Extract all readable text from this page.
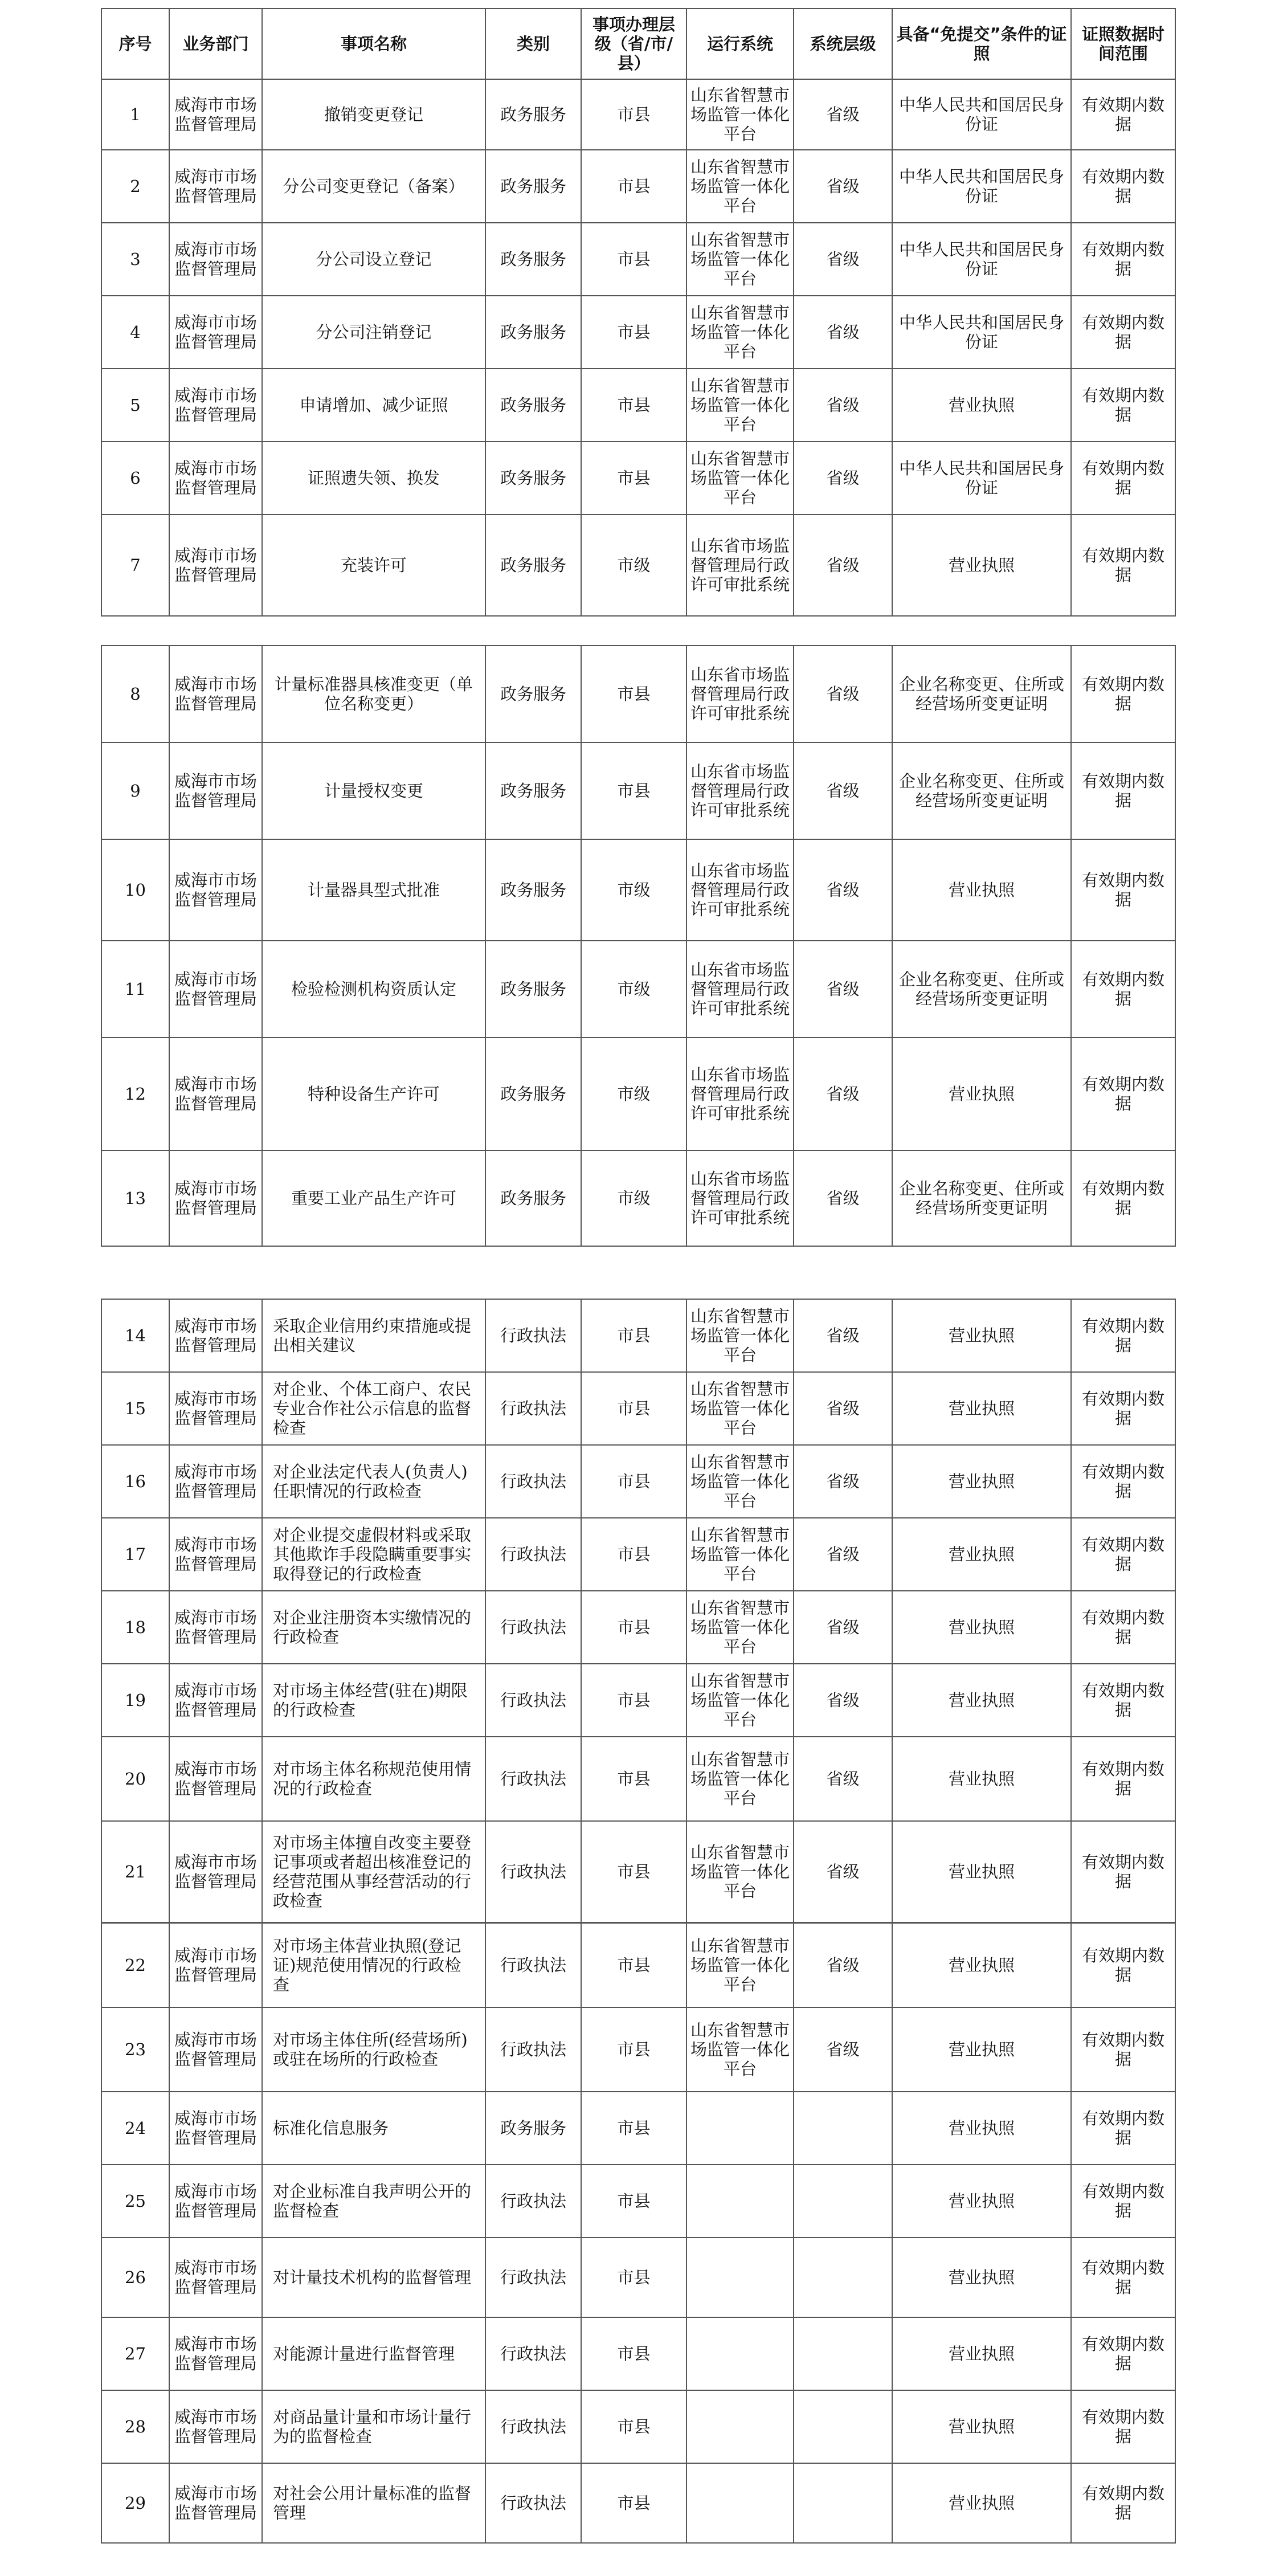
序号	业务部门	事项名称	类别	事项办理层级（省/市/县）	运行系统	系统层级	具备“免提交”条件的证照	证照数据时间范围
1	威海市市场监督管理局	撤销变更登记	政务服务	市县	山东省智慧市场监管一体化平台	省级	中华人民共和国居民身份证	有效期内数据
2	威海市市场监督管理局	分公司变更登记（备案）	政务服务	市县	山东省智慧市场监管一体化平台	省级	中华人民共和国居民身份证	有效期内数据
3	威海市市场监督管理局	分公司设立登记	政务服务	市县	山东省智慧市场监管一体化平台	省级	中华人民共和国居民身份证	有效期内数据
4	威海市市场监督管理局	分公司注销登记	政务服务	市县	山东省智慧市场监管一体化平台	省级	中华人民共和国居民身份证	有效期内数据
5	威海市市场监督管理局	申请增加、减少证照	政务服务	市县	山东省智慧市场监管一体化平台	省级	营业执照	有效期内数据
6	威海市市场监督管理局	证照遗失领、换发	政务服务	市县	山东省智慧市场监管一体化平台	省级	中华人民共和国居民身份证	有效期内数据
7	威海市市场监督管理局	充装许可	政务服务	市级	山东省市场监督管理局行政许可审批系统	省级	营业执照	有效期内数据
8	威海市市场监督管理局	计量标准器具核准变更（单位名称变更）	政务服务	市县	山东省市场监督管理局行政许可审批系统	省级	企业名称变更、住所或经营场所变更证明	有效期内数据
9	威海市市场监督管理局	计量授权变更	政务服务	市县	山东省市场监督管理局行政许可审批系统	省级	企业名称变更、住所或经营场所变更证明	有效期内数据
10	威海市市场监督管理局	计量器具型式批准	政务服务	市级	山东省市场监督管理局行政许可审批系统	省级	营业执照	有效期内数据
11	威海市市场监督管理局	检验检测机构资质认定	政务服务	市级	山东省市场监督管理局行政许可审批系统	省级	企业名称变更、住所或经营场所变更证明	有效期内数据
12	威海市市场监督管理局	特种设备生产许可	政务服务	市级	山东省市场监督管理局行政许可审批系统	省级	营业执照	有效期内数据
13	威海市市场监督管理局	重要工业产品生产许可	政务服务	市级	山东省市场监督管理局行政许可审批系统	省级	企业名称变更、住所或经营场所变更证明	有效期内数据
14	威海市市场监督管理局	采取企业信用约束措施或提出相关建议	行政执法	市县	山东省智慧市场监管一体化平台	省级	营业执照	有效期内数据
15	威海市市场监督管理局	对企业、个体工商户、农民专业合作社公示信息的监督检查	行政执法	市县	山东省智慧市场监管一体化平台	省级	营业执照	有效期内数据
16	威海市市场监督管理局	对企业法定代表人(负责人)任职情况的行政检查	行政执法	市县	山东省智慧市场监管一体化平台	省级	营业执照	有效期内数据
17	威海市市场监督管理局	对企业提交虚假材料或采取其他欺诈手段隐瞒重要事实取得登记的行政检查	行政执法	市县	山东省智慧市场监管一体化平台	省级	营业执照	有效期内数据
18	威海市市场监督管理局	对企业注册资本实缴情况的行政检查	行政执法	市县	山东省智慧市场监管一体化平台	省级	营业执照	有效期内数据
19	威海市市场监督管理局	对市场主体经营(驻在)期限的行政检查	行政执法	市县	山东省智慧市场监管一体化平台	省级	营业执照	有效期内数据
20	威海市市场监督管理局	对市场主体名称规范使用情况的行政检查	行政执法	市县	山东省智慧市场监管一体化平台	省级	营业执照	有效期内数据
21	威海市市场监督管理局	对市场主体擅自改变主要登记事项或者超出核准登记的经营范围从事经营活动的行政检查	行政执法	市县	山东省智慧市场监管一体化平台	省级	营业执照	有效期内数据
22	威海市市场监督管理局	对市场主体营业执照(登记证)规范使用情况的行政检查	行政执法	市县	山东省智慧市场监管一体化平台	省级	营业执照	有效期内数据
23	威海市市场监督管理局	对市场主体住所(经营场所)或驻在场所的行政检查	行政执法	市县	山东省智慧市场监管一体化平台	省级	营业执照	有效期内数据
24	威海市市场监督管理局	标准化信息服务	政务服务	市县			营业执照	有效期内数据
25	威海市市场监督管理局	对企业标准自我声明公开的监督检查	行政执法	市县			营业执照	有效期内数据
26	威海市市场监督管理局	对计量技术机构的监督管理	行政执法	市县			营业执照	有效期内数据
27	威海市市场监督管理局	对能源计量进行监督管理	行政执法	市县			营业执照	有效期内数据
28	威海市市场监督管理局	对商品量计量和市场计量行为的监督检查	行政执法	市县			营业执照	有效期内数据
29	威海市市场监督管理局	对社会公用计量标准的监督管理	行政执法	市县			营业执照	有效期内数据
